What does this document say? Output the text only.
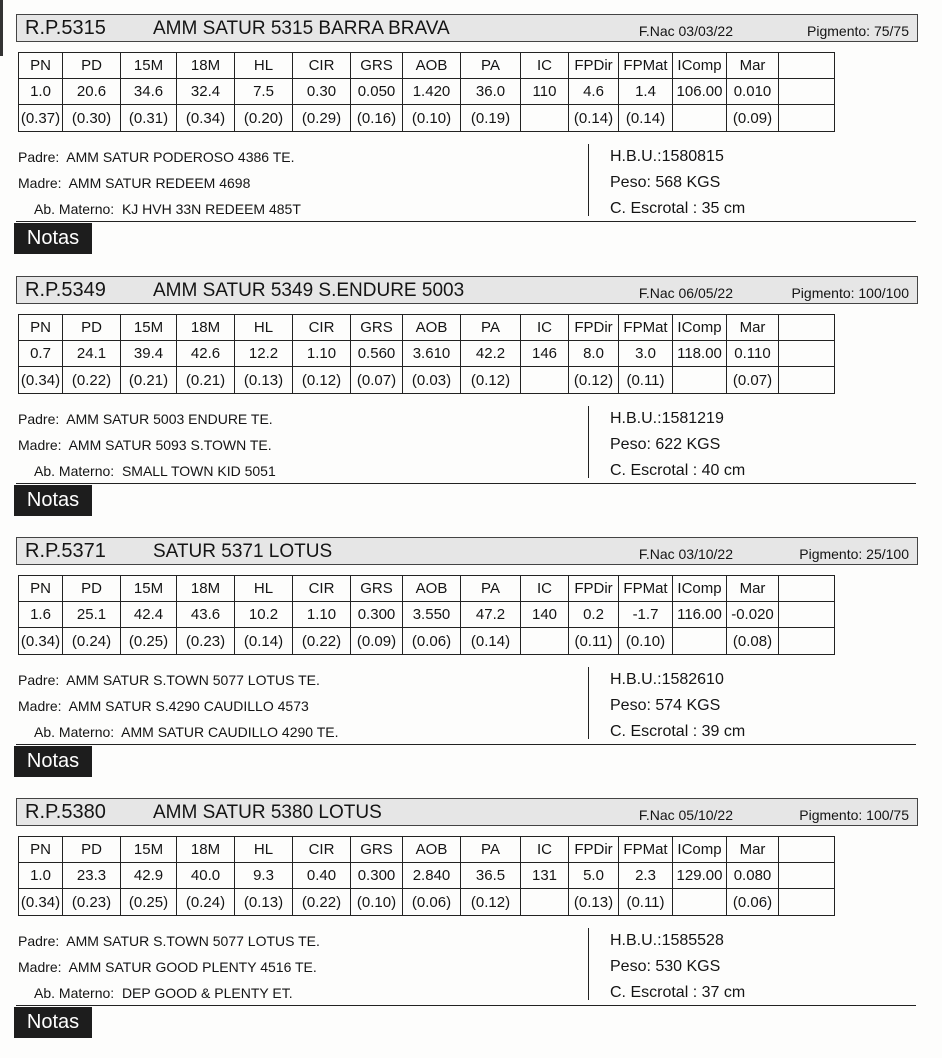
R.P.5315 AMM SATUR 5315 BARRA BRAVA	F.Nac 03/03/22	Pigmento: 75/75
PN	PD	15M	18M	HL	CIR	GRS	AOB	PA	IC	FPDir	FPMat	IComp	Mar	
1.0	20.6	34.6	32.4	7.5	0.30	0.050	1.420	36.0	110	4.6	1.4	106.00	0.010	
(0.37)	(0.30)	(0.31)	(0.34)	(0.20)	(0.29)	(0.16)	(0.10)	(0.19)		(0.14)	(0.14)		(0.09)	
Padre: AMM SATUR PODEROSO 4386 TE.
Madre: AMM SATUR REDEEM 4698
Ab. Materno: KJ HVH 33N REDEEM 485T
H.B.U.:1580815
Peso: 568 KGS
C. Escrotal : 35 cm
Notas
R.P.5349 AMM SATUR 5349 S.ENDURE 5003	F.Nac 06/05/22	Pigmento: 100/100
PN	PD	15M	18M	HL	CIR	GRS	AOB	PA	IC	FPDir	FPMat	IComp	Mar	
0.7	24.1	39.4	42.6	12.2	1.10	0.560	3.610	42.2	146	8.0	3.0	118.00	0.110	
(0.34)	(0.22)	(0.21)	(0.21)	(0.13)	(0.12)	(0.07)	(0.03)	(0.12)		(0.12)	(0.11)		(0.07)	
Padre: AMM SATUR 5003 ENDURE TE.
Madre: AMM SATUR 5093 S.TOWN TE.
Ab. Materno: SMALL TOWN KID 5051
H.B.U.:1581219
Peso: 622 KGS
C. Escrotal : 40 cm
Notas
R.P.5371 SATUR 5371 LOTUS	F.Nac 03/10/22	Pigmento: 25/100
PN	PD	15M	18M	HL	CIR	GRS	AOB	PA	IC	FPDir	FPMat	IComp	Mar	
1.6	25.1	42.4	43.6	10.2	1.10	0.300	3.550	47.2	140	0.2	-1.7	116.00	-0.020	
(0.34)	(0.24)	(0.25)	(0.23)	(0.14)	(0.22)	(0.09)	(0.06)	(0.14)		(0.11)	(0.10)		(0.08)	
Padre: AMM SATUR S.TOWN 5077 LOTUS TE.
Madre: AMM SATUR S.4290 CAUDILLO 4573
Ab. Materno: AMM SATUR CAUDILLO 4290 TE.
H.B.U.:1582610
Peso: 574 KGS
C. Escrotal : 39 cm
Notas
R.P.5380 AMM SATUR 5380 LOTUS	F.Nac 05/10/22	Pigmento: 100/75
PN	PD	15M	18M	HL	CIR	GRS	AOB	PA	IC	FPDir	FPMat	IComp	Mar	
1.0	23.3	42.9	40.0	9.3	0.40	0.300	2.840	36.5	131	5.0	2.3	129.00	0.080	
(0.34)	(0.23)	(0.25)	(0.24)	(0.13)	(0.22)	(0.10)	(0.06)	(0.12)		(0.13)	(0.11)		(0.06)	
Padre: AMM SATUR S.TOWN 5077 LOTUS TE.
Madre: AMM SATUR GOOD PLENTY 4516 TE.
Ab. Materno: DEP GOOD & PLENTY ET.
H.B.U.:1585528
Peso: 530 KGS
C. Escrotal : 37 cm
Notas
